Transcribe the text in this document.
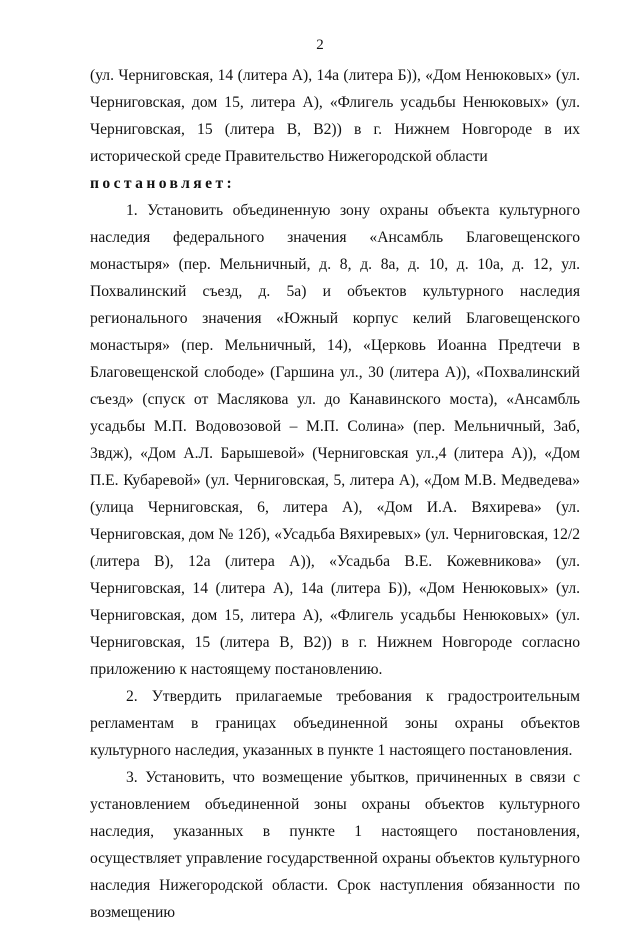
2

(ул. Черниговская, 14 (литера А), 14а (литера Б)), «Дом Ненюковых» (ул. Черниговская, дом 15, литера А), «Флигель усадьбы Ненюковых» (ул. Черниговская, 15 (литера В, В2)) в г. Нижнем Новгороде в их исторической среде Правительство Нижегородской области

постановляет:

1. Установить объединенную зону охраны объекта культурного наследия федерального значения «Ансамбль Благовещенского монастыря» (пер. Мельничный, д. 8, д. 8а, д. 10, д. 10а, д. 12, ул. Похвалинский съезд, д. 5а) и объектов культурного наследия регионального значения «Южный корпус келий Благовещенского монастыря» (пер. Мельничный, 14), «Церковь Иоанна Предтечи в Благовещенской слободе» (Гаршина ул., 30 (литера А)), «Похвалинский съезд» (спуск от Маслякова ул. до Канавинского моста), «Ансамбль усадьбы М.П. Водовозовой – М.П. Солина» (пер. Мельничный, 3аб, 3вдж), «Дом А.Л. Барышевой» (Черниговская ул.,4 (литера А)), «Дом П.Е. Кубаревой» (ул. Черниговская, 5, литера А), «Дом М.В. Медведева» (улица Черниговская, 6, литера А), «Дом И.А. Вяхирева» (ул. Черниговская, дом № 12б), «Усадьба Вяхиревых» (ул. Черниговская, 12/2 (литера В), 12а (литера А)), «Усадьба В.Е. Кожевникова» (ул. Черниговская, 14 (литера А), 14а (литера Б)), «Дом Ненюковых» (ул. Черниговская, дом 15, литера А), «Флигель усадьбы Ненюковых» (ул. Черниговская, 15 (литера В, В2)) в г. Нижнем Новгороде согласно приложению к настоящему постановлению.

2. Утвердить прилагаемые требования к градостроительным регламентам в границах объединенной зоны охраны объектов культурного наследия, указанных в пункте 1 настоящего постановления.

3. Установить, что возмещение убытков, причиненных в связи с установлением объединенной зоны охраны объектов культурного наследия, указанных в пункте 1 настоящего постановления, осуществляет управление государственной охраны объектов культурного наследия Нижегородской области. Срок наступления обязанности по возмещению
